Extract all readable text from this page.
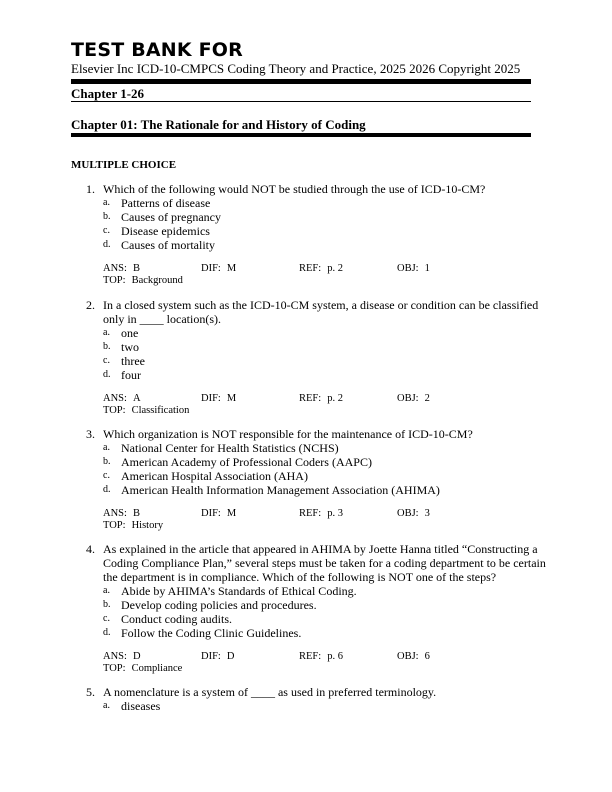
TEST BANK FOR
Elsevier Inc ICD-10-CMPCS Coding Theory and Practice, 2025 2026 Copyright 2025
Chapter 1-26
Chapter 01: The Rationale for and History of Coding
MULTIPLE CHOICE
1. Which of the following would NOT be studied through the use of ICD-10-CM?
a. Patterns of disease
b. Causes of pregnancy
c. Disease epidemics
d. Causes of mortality
ANS: B	DIF: M	REF: p. 2	OBJ: 1
TOP: Background
2. In a closed system such as the ICD-10-CM system, a disease or condition can be classified only in ____ location(s).
a. one
b. two
c. three
d. four
ANS: A	DIF: M	REF: p. 2	OBJ: 2
TOP: Classification
3. Which organization is NOT responsible for the maintenance of ICD-10-CM?
a. National Center for Health Statistics (NCHS)
b. American Academy of Professional Coders (AAPC)
c. American Hospital Association (AHA)
d. American Health Information Management Association (AHIMA)
ANS: B	DIF: M	REF: p. 3	OBJ: 3
TOP: History
4. As explained in the article that appeared in AHIMA by Joette Hanna titled “Constructing a Coding Compliance Plan,” several steps must be taken for a coding department to be certain the department is in compliance. Which of the following is NOT one of the steps?
a. Abide by AHIMA’s Standards of Ethical Coding.
b. Develop coding policies and procedures.
c. Conduct coding audits.
d. Follow the Coding Clinic Guidelines.
ANS: D	DIF: D	REF: p. 6	OBJ: 6
TOP: Compliance
5. A nomenclature is a system of ____ as used in preferred terminology.
a. diseases
